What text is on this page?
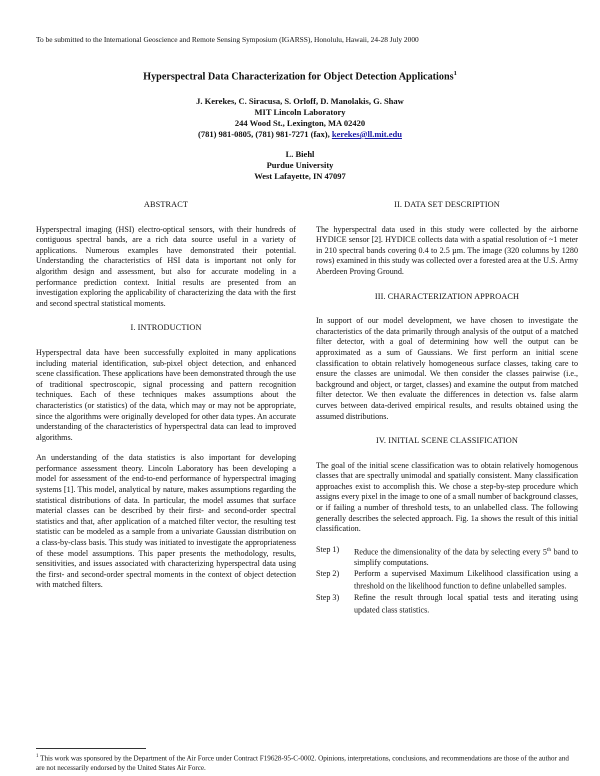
To be submitted to the International Geoscience and Remote Sensing Symposium (IGARSS), Honolulu, Hawaii, 24-28 July 2000
Hyperspectral Data Characterization for Object Detection Applications$^1$
J. Kerekes, C. Siracusa, S. Orloff, D. Manolakis, G. Shaw
MIT Lincoln Laboratory
244 Wood St., Lexington, MA 02420
(781) 981-0805, (781) 981-7271 (fax), kerekes@ll.mit.edu
L. Biehl
Purdue University
West Lafayette, IN 47097
ABSTRACT

Hyperspectral imaging (HSI) electro-optical sensors, with their hundreds of contiguous spectral bands, are a rich data source useful in a variety of applications. Numerous examples have demonstrated their potential. Understanding the characteristics of HSI data is important not only for algorithm design and assessment, but also for accurate modeling in a performance prediction context. Initial results are presented from an investigation exploring the applicability of characterizing the data with the first and second spectral statistical moments.

I. INTRODUCTION

Hyperspectral data have been successfully exploited in many applications including material identification, sub-pixel object detection, and enhanced scene classification. These applications have been demonstrated through the use of traditional spectroscopic, signal processing and pattern recognition techniques. Each of these techniques makes assumptions about the characteristics (or statistics) of the data, which may or may not be appropriate, since the algorithms were originally developed for other data types. An accurate understanding of the characteristics of hyperspectral data can lead to improved algorithms.

An understanding of the data statistics is also important for developing performance assessment theory. Lincoln Laboratory has been developing a model for assessment of the end-to-end performance of hyperspectral imaging systems [1]. This model, analytical by nature, makes assumptions regarding the statistical distributions of data. In particular, the model assumes that surface material classes can be described by their first- and second-order spectral statistics and that, after application of a matched filter vector, the resulting test statistic can be modeled as a sample from a univariate Gaussian distribution on a class-by-class basis. This study was initiated to investigate the appropriateness of these model assumptions. This paper presents the methodology, results, sensitivities, and issues associated with characterizing hyperspectral data using the first- and second-order spectral moments in the context of object detection with matched filters.

II. DATA SET DESCRIPTION

The hyperspectral data used in this study were collected by the airborne HYDICE sensor [2]. HYDICE collects data with a spatial resolution of ~1 meter in 210 spectral bands covering 0.4 to 2.5 µm. The image (320 columns by 1280 rows) examined in this study was collected over a forested area at the U.S. Army Aberdeen Proving Ground.

III. CHARACTERIZATION APPROACH

In support of our model development, we have chosen to investigate the characteristics of the data primarily through analysis of the output of a matched filter detector, with a goal of determining how well the output can be approximated as a sum of Gaussians. We first perform an initial scene classification to obtain relatively homogeneous surface classes, taking care to ensure the classes are unimodal. We then consider the classes pairwise (i.e., background and object, or target, classes) and examine the output from matched filter detector. We then evaluate the differences in detection vs. false alarm curves between data-derived empirical results, and results obtained using the assumed distributions.

IV. INITIAL SCENE CLASSIFICATION

The goal of the initial scene classification was to obtain relatively homogenous classes that are spectrally unimodal and spatially consistent. Many classification approaches exist to accomplish this. We chose a step-by-step procedure which assigns every pixel in the image to one of a small number of background classes, or if failing a number of threshold tests, to an unlabelled class. The following generally describes the selected approach. Fig. 1a shows the result of this initial classification.

Step 1)	Reduce the dimensionality of the data by selecting every 5th band to simplify computations.
Step 2)	Perform a supervised Maximum Likelihood classification using a threshold on the likelihood function to define unlabelled samples.
Step 3)	Refine the result through local spatial tests and iterating using updated class statistics.
$^1$ This work was sponsored by the Department of the Air Force under Contract F19628-95-C-0002. Opinions, interpretations, conclusions, and recommendations are those of the author and are not necessarily endorsed by the United States Air Force.
